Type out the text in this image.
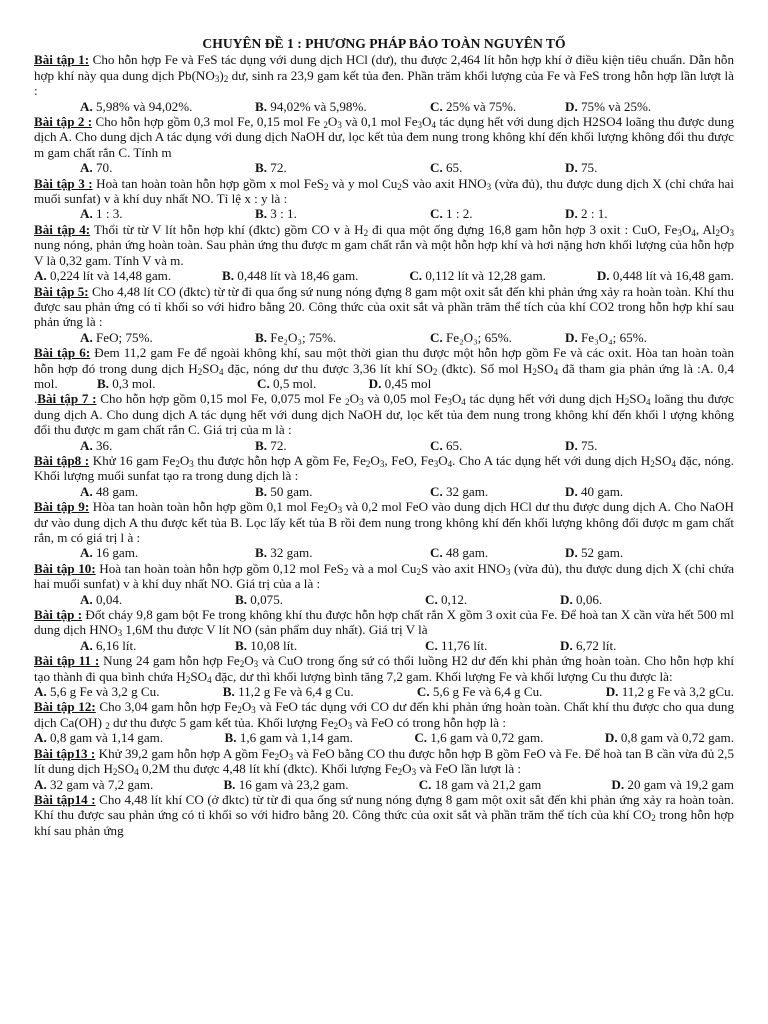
CHUYÊN ĐỀ 1 : PHƯƠNG PHÁP BẢO TOÀN NGUYÊN TỐ

Bài tập 1: Cho hỗn hợp Fe và FeS tác dụng với dung dịch HCl (dư), thu được 2,464 lít hỗn hợp khí ở điều kiện tiêu chuẩn. Dẫn hỗn hợp khí này qua dung dịch $Pb(NO_3)_2$ dư, sinh ra 23,9 gam kết tủa đen. Phần trăm khối lượng của Fe và FeS trong hỗn hợp lần lượt là :

A. 5,98% và 94,02%.	B. 94,02% và 5,98%.	C. 25% và 75%.	D. 75% và 25%.

Bài tập 2 : Cho hỗn hợp gồm 0,3 mol Fe, 0,15 mol Fe $_2O_3$ và 0,1 mol $Fe_3O_4$ tác dụng hết với dung dịch H2SO4 loãng thu được dung dịch A. Cho dung dịch A tác dụng với dung dịch NaOH dư, lọc kết tủa đem nung trong không khí đến khối lượng không đổi thu được m gam chất rắn C. Tính m

A. 70.	B. 72.	C. 65.	D. 75.

Bài tập 3 : Hoà tan hoàn toàn hỗn hợp gồm x mol FeS$_2$ và y mol $Cu_2S$ vào axit $HNO_3$ (vừa đủ), thu được dung dịch X (chỉ chứa hai muối sunfat) v à khí duy nhất NO. Tỉ lệ x : y là :

A. 1 : 3.	B. 3 : 1.	C. 1 : 2.	D. 2 : 1.

Bài tập 4: Thổi từ từ V lít hỗn hợp khí (đktc) gồm CO v à $H_2$ đi qua một ống đựng 16,8 gam hỗn hợp 3 oxit : CuO, $Fe_3O_4$, $Al_2O_3$ nung nóng, phản ứng hoàn toàn. Sau phản ứng thu được m gam chất rắn và một hỗn hợp khí và hơi nặng hơn khối lượng của hỗn hợp V là 0,32 gam. Tính V và m.

A. 0,224 lít và 14,48 gam.	B. 0,448 lít và 18,46 gam.	C. 0,112 lít và 12,28 gam.	D. 0,448 lít và 16,48 gam.

Bài tập 5: Cho 4,48 lít CO (đktc) từ từ đi qua ống sứ nung nóng đựng 8 gam một oxit sắt đến khi phản ứng xảy ra hoàn toàn. Khí thu được sau phản ứng có tỉ khối so với hiđro bằng 20. Công thức của oxit sắt và phần trăm thể tích của khí CO2 trong hỗn hợp khí sau phản ứng là :

A. FeO; 75%.	B. Fe₂O₃; 75%.	C. Fe₂O₃; 65%.	D. Fe₃O₄; 65%.

Bài tập 6: Đem 11,2 gam Fe để ngoài không khí, sau một thời gian thu được một hỗn hợp gồm Fe và các oxit. Hòa tan hoàn toàn hỗn hợp đó trong dung dịch $H_2SO_4$ đặc, nóng dư thu được 3,36 lít khí $SO_2$ (đktc). Số mol $H_2SO_4$ đã tham gia phản ứng là :A. 0,4 mol.            B. 0,3 mol.                               C. 0,5 mol.                D. 0,45 mol

.Bài tập 7 : Cho hỗn hợp gồm 0,15 mol Fe, 0,075 mol Fe $_2O_3$ và 0,05 mol $Fe_3O_4$ tác dụng hết với dung dịch $H_2SO_4$ loãng thu được dung dịch A. Cho dung dịch A tác dụng hết với dung dịch NaOH dư, lọc kết tủa đem nung trong không khí đến khối l ượng không đổi thu được m gam chất rắn C. Giá trị của m là :

A. 36.	B. 72.	C. 65.	D. 75.

Bài tập8 : Khử 16 gam $Fe_2O_3$ thu được hỗn hợp A gồm Fe, $Fe_2O_3$, FeO, $Fe_3O_4$. Cho A tác dụng hết với dung dịch $H_2SO_4$ đặc, nóng. Khối lượng muối sunfat tạo ra trong dung dịch là :

A. 48 gam.	B. 50 gam.	C. 32 gam.	D. 40 gam.

Bài tập 9: Hòa tan hoàn toàn hỗn hợp gồm 0,1 mol $Fe_2O_3$ và 0,2 mol FeO vào dung dịch HCl dư thu được dung dịch A. Cho NaOH dư vào dung dịch A thu được kết tủa B. Lọc lấy kết tủa B rồi đem nung trong không khí đến khối lượng không đổi được m gam chất rắn, m có giá trị l à :

A. 16 gam.	B. 32 gam.	C. 48 gam.	D. 52 gam.

Bài tập 10: Hoà tan hoàn toàn hỗn hợp gồm 0,12 mol FeS$_2$ và a mol $Cu_2S$ vào axit $HNO_3$ (vừa đủ), thu được dung dịch X (chỉ chứa hai muối sunfat) v à khí duy nhất NO. Giá trị của a là :

A. 0,04.	B. 0,075.	C. 0,12.	D. 0,06.

Bài tập : Đốt cháy 9,8 gam bột Fe trong không khí thu được hỗn hợp chất rắn X gồm 3 oxit của Fe. Để hoà tan X cần vừa hết 500 ml dung dịch $HNO_3$ 1,6M thu được V lít NO (sản phẩm duy nhất). Giá trị V là

A. 6,16 lít.	B. 10,08 lít.	C. 11,76 lít.	D. 6,72 lít.

Bài tập 11 : Nung 24 gam hỗn hợp $Fe_2O_3$ và CuO trong ống sứ có thổi luồng H2 dư đến khi phản ứng hoàn toàn. Cho hỗn hợp khí tạo thành đi qua bình chứa $H_2SO_4$ đặc, dư thì khối lượng bình tăng 7,2 gam. Khối lượng Fe và khối lượng Cu thu được là:

A. 5,6 g Fe và 3,2 g Cu.	B. 11,2 g Fe và 6,4 g Cu.	C. 5,6 g Fe và 6,4 g Cu.	D. 11,2 g Fe và 3,2 gCu.

Bài tập 12: Cho 3,04 gam hỗn hợp $Fe_2O_3$ và FeO tác dụng với CO dư đến khi phản ứng hoàn toàn. Chất khí thu được cho qua dung dịch Ca(OH) $_2$ dư thu được 5 gam kết tủa. Khối lượng $Fe_2O_3$ và FeO có trong hỗn hợp là :

A. 0,8 gam và 1,14 gam.	B. 1,6 gam và 1,14 gam.	C. 1,6 gam và 0,72 gam.	D. 0,8 gam và 0,72 gam.

Bài tập13 : Khử 39,2 gam hỗn hợp A gồm $Fe_2O_3$ và FeO bằng CO thu được hỗn hợp B gồm FeO và Fe. Để hoà tan B cần vừa đủ 2,5 lít dung dịch $H_2SO_4$ 0,2M thu được 4,48 lít khí (đktc). Khối lượng $Fe_2O_3$ và FeO lần lượt là :

A. 32 gam và 7,2 gam.	B. 16 gam và 23,2 gam.	C. 18 gam và 21,2 gam	D. 20 gam và 19,2 gam

Bài tập14 : Cho 4,48 lít khí CO (ở đktc) từ từ đi qua ống sứ nung nóng đựng 8 gam một oxit sắt đến khi phản ứng xảy ra hoàn toàn. Khí thu được sau phản ứng có tỉ khối so với hiđro bằng 20. Công thức của oxit sắt và phần trăm thể tích của khí $CO_2$ trong hỗn hợp khí sau phản ứng
